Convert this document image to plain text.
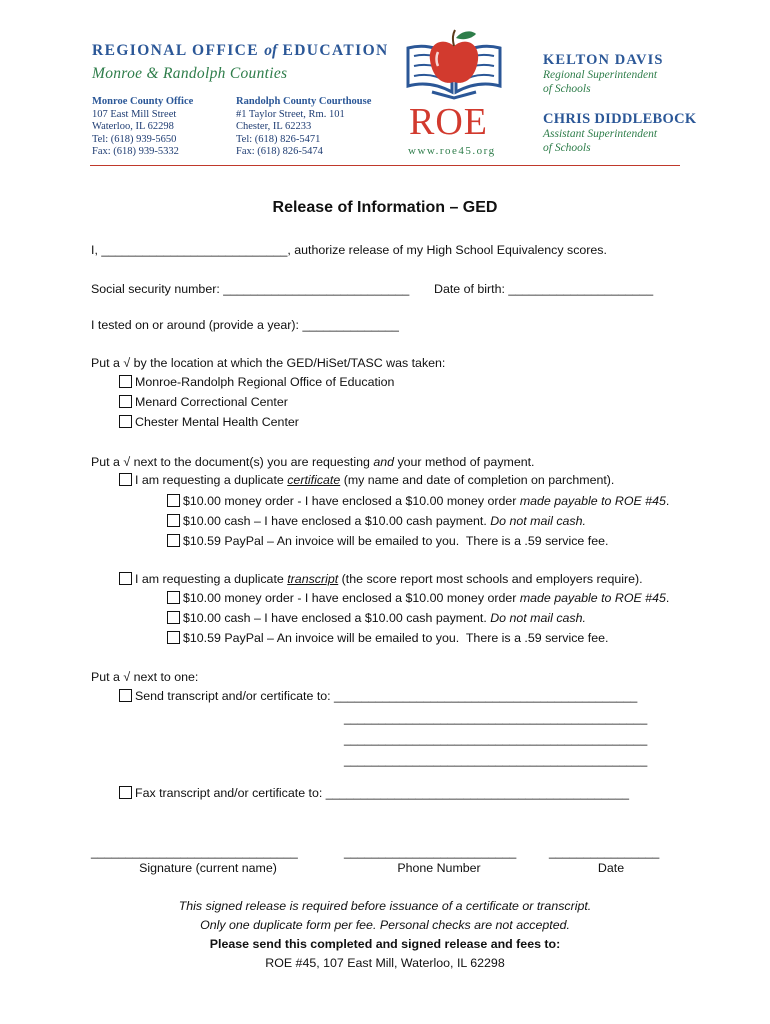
REGIONAL OFFICE of EDUCATION
Monroe & Randolph Counties
Monroe County Office
107 East Mill Street
Waterloo, IL 62298
Tel: (618) 939-5650
Fax: (618) 939-5332
Randolph County Courthouse
#1 Taylor Street, Rm. 101
Chester, IL 62233
Tel: (618) 826-5471
Fax: (618) 826-5474
ROE
www.roe45.org
KELTON DAVIS
Regional Superintendent
of Schools
CHRIS DIDDLEBOCK
Assistant Superintendent
of Schools
Release of Information – GED
I, ___________________________, authorize release of my High School Equivalency scores.
Social security number: ___________________________ Date of birth: _____________________
I tested on or around (provide a year): ______________
Put a √ by the location at which the GED/HiSet/TASC was taken:
Monroe-Randolph Regional Office of Education
Menard Correctional Center
Chester Mental Health Center
Put a √ next to the document(s) you are requesting and your method of payment.
I am requesting a duplicate certificate (my name and date of completion on parchment).
$10.00 money order - I have enclosed a $10.00 money order made payable to ROE #45.
$10.00 cash – I have enclosed a $10.00 cash payment. Do not mail cash.
$10.59 PayPal – An invoice will be emailed to you.  There is a .59 service fee.
I am requesting a duplicate transcript (the score report most schools and employers require).
$10.00 money order - I have enclosed a $10.00 money order made payable to ROE #45.
$10.00 cash – I have enclosed a $10.00 cash payment. Do not mail cash.
$10.59 PayPal – An invoice will be emailed to you.  There is a .59 service fee.
Put a √ next to one:
Send transcript and/or certificate to: ____________________________________________
____________________________________________
____________________________________________
____________________________________________
Fax transcript and/or certificate to: ____________________________________________
______________________________	_________________________	________________
Signature (current name)	Phone Number	Date
This signed release is required before issuance of a certificate or transcript.
Only one duplicate form per fee. Personal checks are not accepted.
Please send this completed and signed release and fees to:
ROE #45, 107 East Mill, Waterloo, IL 62298
